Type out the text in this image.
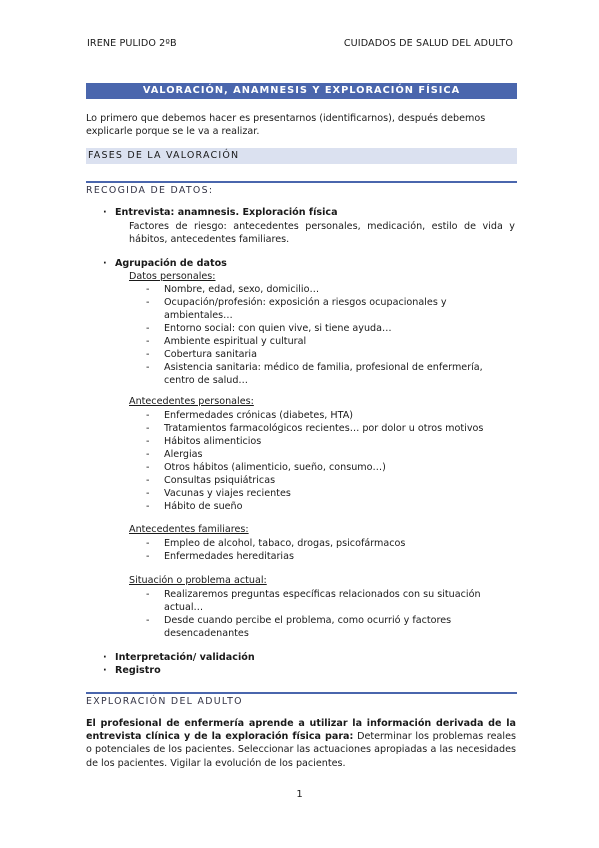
IRENE PULIDO 2ºB	CUIDADOS DE SALUD DEL ADULTO
VALORACIÓN, ANAMNESIS Y EXPLORACIÓN FÍSICA
Lo primero que debemos hacer es presentarnos (identificarnos), después debemos explicarle porque se le va a realizar.
FASES DE LA VALORACIÓN
RECOGIDA DE DATOS:
· Entrevista: anamnesis. Exploración física
Factores de riesgo: antecedentes personales, medicación, estilo de vida y
hábitos, antecedentes familiares.
· Agrupación de datos
Datos personales:
- Nombre, edad, sexo, domicilio…
- Ocupación/profesión: exposición a riesgos ocupacionales y
ambientales…
- Entorno social: con quien vive, si tiene ayuda…
- Ambiente espiritual y cultural
- Cobertura sanitaria
- Asistencia sanitaria: médico de familia, profesional de enfermería,
centro de salud…
Antecedentes personales:
- Enfermedades crónicas (diabetes, HTA)
- Tratamientos farmacológicos recientes… por dolor u otros motivos
- Hábitos alimenticios
- Alergias
- Otros hábitos (alimenticio, sueño, consumo…)
- Consultas psiquiátricas
- Vacunas y viajes recientes
- Hábito de sueño
Antecedentes familiares:
- Empleo de alcohol, tabaco, drogas, psicofármacos
- Enfermedades hereditarias
Situación o problema actual:
- Realizaremos preguntas específicas relacionados con su situación
actual…
- Desde cuando percibe el problema, como ocurrió y factores
desencadenantes
· Interpretación/ validación
· Registro
EXPLORACIÓN DEL ADULTO
El profesional de enfermería aprende a utilizar la información derivada de la entrevista clínica y de la exploración física para: Determinar los problemas reales o potenciales de los pacientes. Seleccionar las actuaciones apropiadas a las necesidades de los pacientes. Vigilar la evolución de los pacientes.
1
